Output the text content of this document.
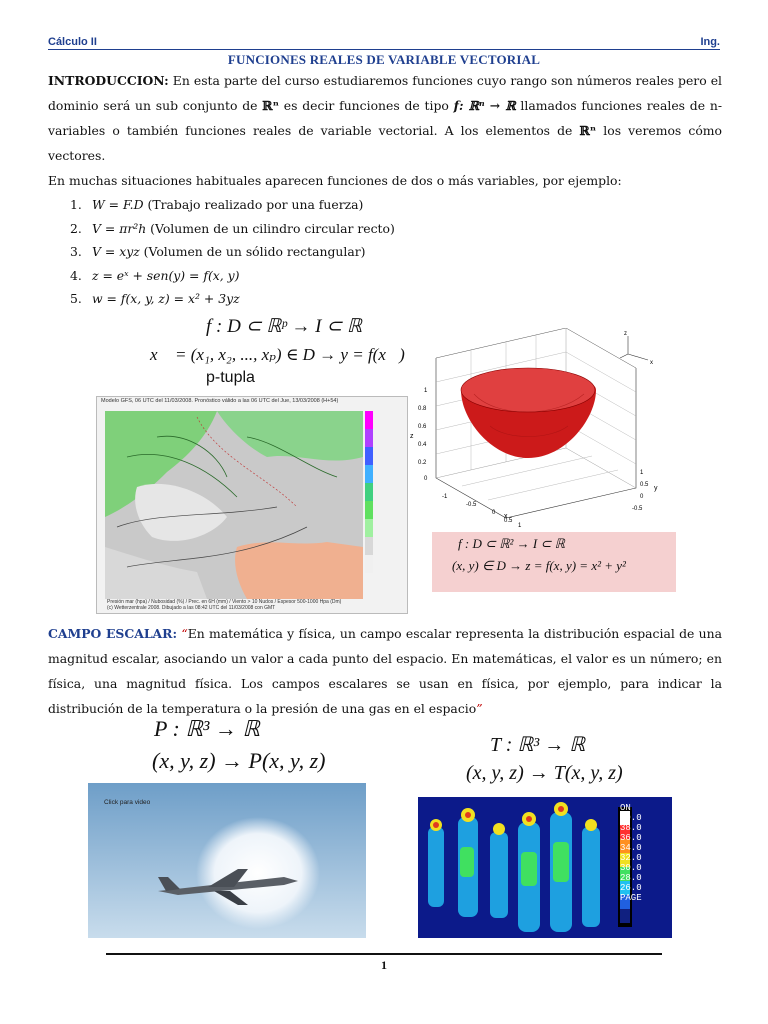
Cálculo II	Ing.
FUNCIONES REALES DE VARIABLE VECTORIAL
INTRODUCCION: En esta parte del curso estudiaremos funciones cuyo rango son números reales pero el dominio será un sub conjunto de ℝⁿ es decir funciones de tipo f: ℝⁿ → ℝ llamados funciones reales de n-variables o también funciones reales de variable vectorial. A los elementos de ℝⁿ los veremos cómo vectores.
En muchas situaciones habituales aparecen funciones de dos o más variables, por ejemplo:
1. W = F.D (Trabajo realizado por una fuerza)
2. V = πr²h (Volumen de un cilindro circular recto)
3. V = xyz (Volumen de un sólido rectangular)
4. z = eˣ + sen(y) = f(x, y)
5. w = f(x, y, z) = x² + 3yz
f : D ⊂ ℝᵖ → I ⊂ ℝ
x⃗ = (x₁, x₂, ..., xₚ) ∈ D → y = f(x⃗)
p-tupla
Modelo GFS, 06 UTC del 11/03/2008. Pronóstico válido a las 06 UTC del Jue, 13/03/2008 (H+54)
Presión mar (hpa) / Nubosidad (%) / Prec. en 6H (mm) / Viento > 10 Nudos / Espesor 500-1000 Hpa (Dm)
(c) Wetterzentrale 2008. Dibujado a las 08:42 UTC del 11/03/2008 con GMT
1
0.8
0.6
0.4
0.2
0
z
-1
-0.5
0
0.5
1
x
1
0.5
0
-0.5
y
z
x
f : D ⊂ ℝ² → I ⊂ ℝ
(x, y) ∈ D → z = f(x, y) = x² + y²
CAMPO ESCALAR: “En matemática y física, un campo escalar representa la distribución espacial de una magnitud escalar, asociando un valor a cada punto del espacio. En matemáticas, el valor es un número; en física, una magnitud física. Los campos escalares se usan en física, por ejemplo, para indicar la distribución de la temperatura o la presión de una gas en el espacio”
P : ℝ³ → ℝ
(x, y, z) → P(x, y, z)
T : ℝ³ → ℝ
(x, y, z) → T(x, y, z)
Click para video
ON
40.0
38.0
36.0
34.0
32.0
30.0
28.0
26.0
PAGE
1
